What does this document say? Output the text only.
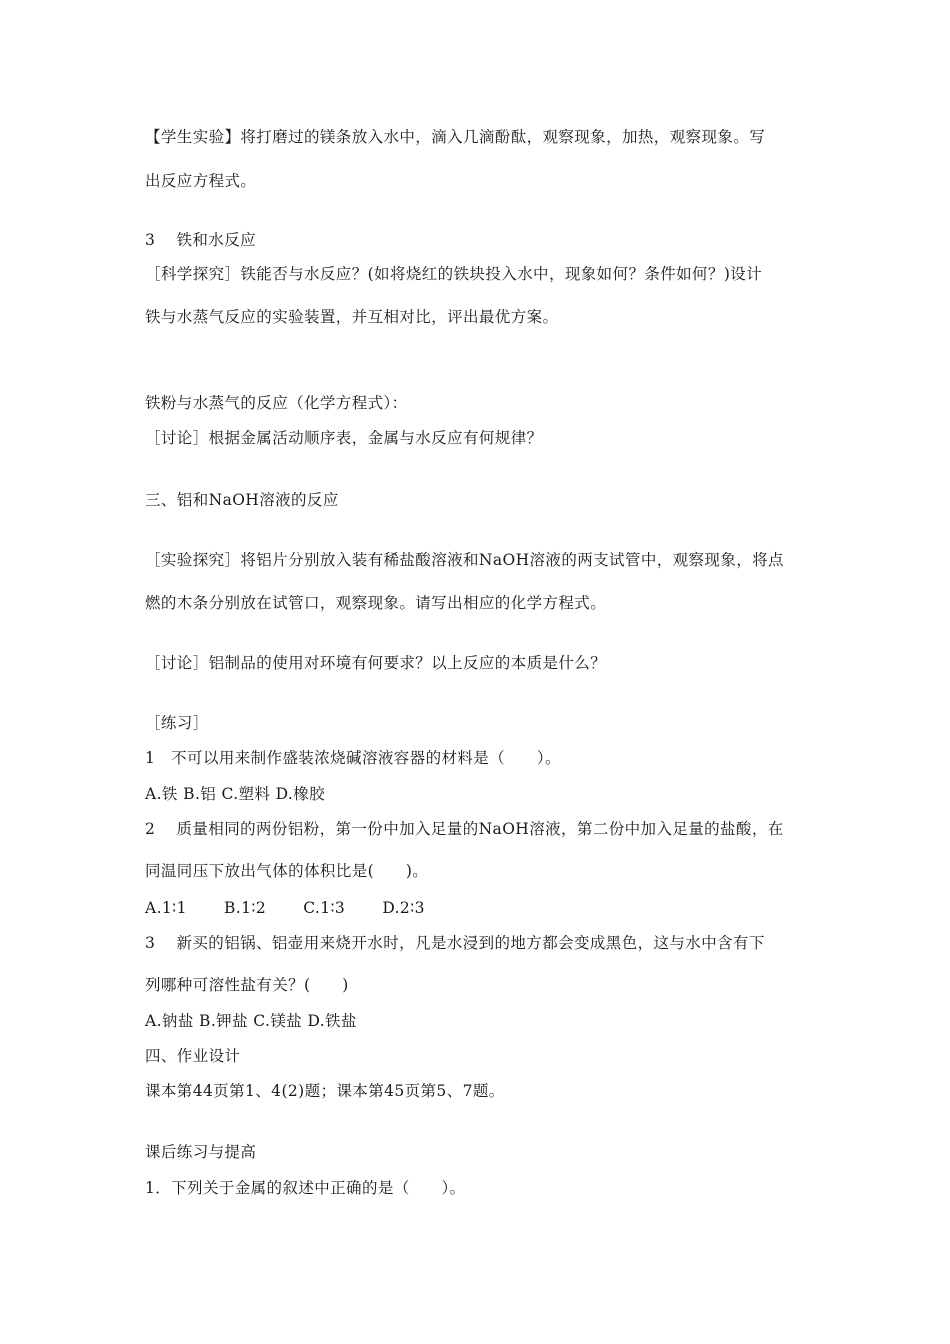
【学生实验】将打磨过的镁条放入水中，滴入几滴酚酞，观察现象，加热，观察现象。写
出反应方程式。
3　 铁和水反应
［科学探究］铁能否与水反应？(如将烧红的铁块投入水中，现象如何？条件如何？)设计
铁与水蒸气反应的实验装置，并互相对比，评出最优方案。
铁粉与水蒸气的反应（化学方程式）：
［讨论］根据金属活动顺序表，金属与水反应有何规律？
三、铝和NaOH溶液的反应
［实验探究］将铝片分别放入装有稀盐酸溶液和NaOH溶液的两支试管中，观察现象，将点
燃的木条分别放在试管口，观察现象。请写出相应的化学方程式。
［讨论］铝制品的使用对环境有何要求？以上反应的本质是什么？
［练习］
1　不可以用来制作盛装浓烧碱溶液容器的材料是（　　）。
A.铁 B.铝 C.塑料 D.橡胶
2　 质量相同的两份铝粉，第一份中加入足量的NaOH溶液，第二份中加入足量的盐酸，在
同温同压下放出气体的体积比是(　　)。
A.1∶1　　 B.1∶2　　 C.1∶3　　 D.2∶3
3　 新买的铝锅、铝壶用来烧开水时，凡是水浸到的地方都会变成黑色，这与水中含有下
列哪种可溶性盐有关？(　　)
A.钠盐 B.钾盐 C.镁盐 D.铁盐
四、作业设计
课本第44页第1、4(2)题；课本第45页第5、7题。
课后练习与提高
1．下列关于金属的叙述中正确的是（　　）。
